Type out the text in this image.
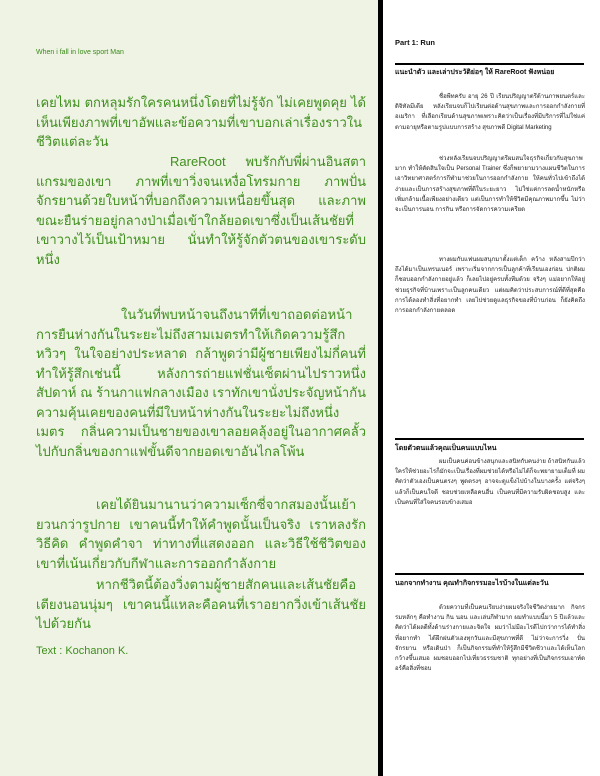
When i fall in love sport Man

เคยไหม ตกหลุมรักใครคนหนึ่งโดยที่ไม่รู้จัก ไม่เคยพูดคุย ได้เห็นเพียงภาพที่เขาอัพและข้อความที่เขาบอกเล่าเรื่องราวในชีวิตแต่ละวัน

RareRoot พบรักกับพี่ผ่านอินสตาแกรมของเขา ภาพที่เขาวิ่งจนเหงื่อโทรมกาย ภาพปั่นจักรยานด้วยใบหน้าที่บอกถึงความเหนื่อยขึ้นสุด และภาพขณะยืนร่ายอยู่กลางป่าเมื่อเข้าใกล้ยอดเขาซึ่งเป็นเส้นชัยที่เขาวางไว้เป็นเป้าหมาย นั่นทำให้รู้จักตัวตนของเขาระดับหนึ่ง

ในวันที่พบหน้าจนถึงนาทีที่เขาถอดต่อหน้าการยืนห่างกันในระยะไม่ถึงสามเมตรทำให้เกิดความรู้สึกหวิวๆ ในใจอย่างประหลาด กล้าพูดว่ามีผู้ชายเพียงไม่กี่คนที่ทำให้รู้สึกเช่นนี้ หลังการถ่ายแฟชั่นเซ็ตผ่านไปราวหนึ่งสัปดาห์ ณ ร้านกาแฟกลางเมือง เราทักเขานั่งประจัญหน้ากัน ความคุ้นเคยของคนที่มีใบหน้าห่างกันในระยะไม่ถึงหนึ่งเมตร กลิ่นความเป็นชายของเขาลอยคลุ้งอยู่ในอากาศคลั้วไปกับกลิ่นของกาแฟขั้นดีจากยอดเขาอันไกลโพ้น

เคยได้ยินมานานว่าความเซ็กซี่จากสมองนั้นเย้ายวนกว่ารูปกาย เขาคนนี้ทำให้คำพูดนั้นเป็นจริง เราหลงรักวิธีคิด คำพูดคำจา ท่าทางที่แสดงออก และวิธีใช้ชีวิตของเขาที่เน้นเกี่ยวกับกีฬาและการออกกำลังกาย

หากชีวิตนี้ต้องวิ่งตามผู้ชายสักคนและเส้นชัยคือเตียงนอนนุ่มๆ เขาคนนี้แหละคือคนที่เราอยากวิ่งเข้าเส้นชัยไปด้วยกัน

Text : Kochanon K.
Part 1: Run

แนะนำตัว และเล่าประวัติย่อๆ ให้ RareRoot ฟังหน่อย

ชื่อพีทครับ อายุ 26 ปี เรียนปริญญาตรีด้านภาพยนตร์และดิจิทัลมีเดีย หลังเรียนจบก็ไปเรียนต่อด้านสุขภาพและการออกกำลังกายที่อเมริกา ที่เลือกเรียนด้านสุขภาพเพราะคิดว่าเป็นเรื่องที่มีบริการที่ไม่ใช่แค่ตามอายุหรือตามรูปแบบการสร้าง สุขภาพดี Digital Marketing

ช่วงหลังเรียนจบปริญญาตรีผมสนใจธุรกิจเกี่ยวกับสุขภาพมาก ทำให้ตัดสินใจเป็น Personal Trainer ซึ่งก็พยายามวางแผนชีวิตในการเอาวิทยาศาสตร์การกีฬามาช่วยในการออกกำลังกาย ให้คนทั่วไปเข้าถึงได้ง่ายและเป็นการสร้างสุขภาพที่ดีในระยะยาว ไม่ใช่แค่การลดน้ำหนักหรือเพิ่มกล้ามเนื้อเพียงอย่างเดียว แต่เป็นการทำให้ชีวิตมีคุณภาพมากขึ้น ไม่ว่าจะเป็นการนอน การกิน หรือการจัดการความเครียด

ทางผมกับแฟนผมสนุกมาตั้งแต่เด็ก คว้าง หลังสามปีกว่าถึงได้มาเป็นเทรนเนอร์ เพราะเริ่มจากการเป็นลูกค้าที่เรียนเองก่อน ปกติผมก็ชอบออกกำลังกายอยู่แล้ว ก็เลยไปอยู่ครบทั้งทีมด้วย จริงๆ แม่อยากให้อยู่ช่วยธุรกิจที่บ้านเพราะเป็นลูกคนเดียว แต่ผมคิดว่าประสบการณ์ที่ดีที่สุดคือการได้ลองทำสิ่งที่อยากทำ เลยไปช่วยดูแลธุรกิจของที่บ้านก่อน ก็ยังคิดถึงการออกกำลังกายตลอด

โดยตัวตนแล้วคุณเป็นคนแบบไหน

ผมเป็นคนค่อนข้างสนุกและสนิทกับคนง่าย ถ้าสนิทกันแล้วใครให้ช่วยอะไรก็มักจะเป็นเรื่องที่ผมช่วยได้หรือไม่ได้ก็จะพยายามเต็มที่ ผมคิดว่าตัวเองเป็นคนตรงๆ พูดตรงๆ อาจจะดูแข็งไปบ้างในบางครั้ง แต่จริงๆ แล้วก็เป็นคนใจดี ชอบช่วยเหลือคนอื่น เป็นคนที่มีความรับผิดชอบสูง และเป็นคนที่ใส่ใจคนรอบข้างเสมอ

นอกจากทำงาน คุณทำกิจกรรมอะไรบ้างในแต่ละวัน

ด้วยความที่เป็นคนเรียบง่ายผมจริงใจชีวิตง่ายมาก กิจกรรมหลักๆ คือทำงาน กิน นอน และเล่นกีฬามาก ผมทำแบบนี้มา 5 ปีแล้วและคิดว่าได้ผลดีทั้งด้านร่างกายและจิตใจ ผมว่าไม่มีอะไรดีไปกว่าการได้ทำสิ่งที่อยากทำ ได้ฝึกฝนตัวเองทุกวันและมีสุขภาพที่ดี ไม่ว่าจะการวิ่ง ปั่นจักรยาน หรือเดินป่า ก็เป็นกิจกรรมที่ทำให้รู้สึกมีชีวิตชีวาและได้เห็นโลกกว้างขึ้นเสมอ ผมชอบออกไปเที่ยวธรรมชาติ ทุกอย่างที่เป็นกิจกรรมเอาท์ดอร์คือสิ่งที่ชอบ
